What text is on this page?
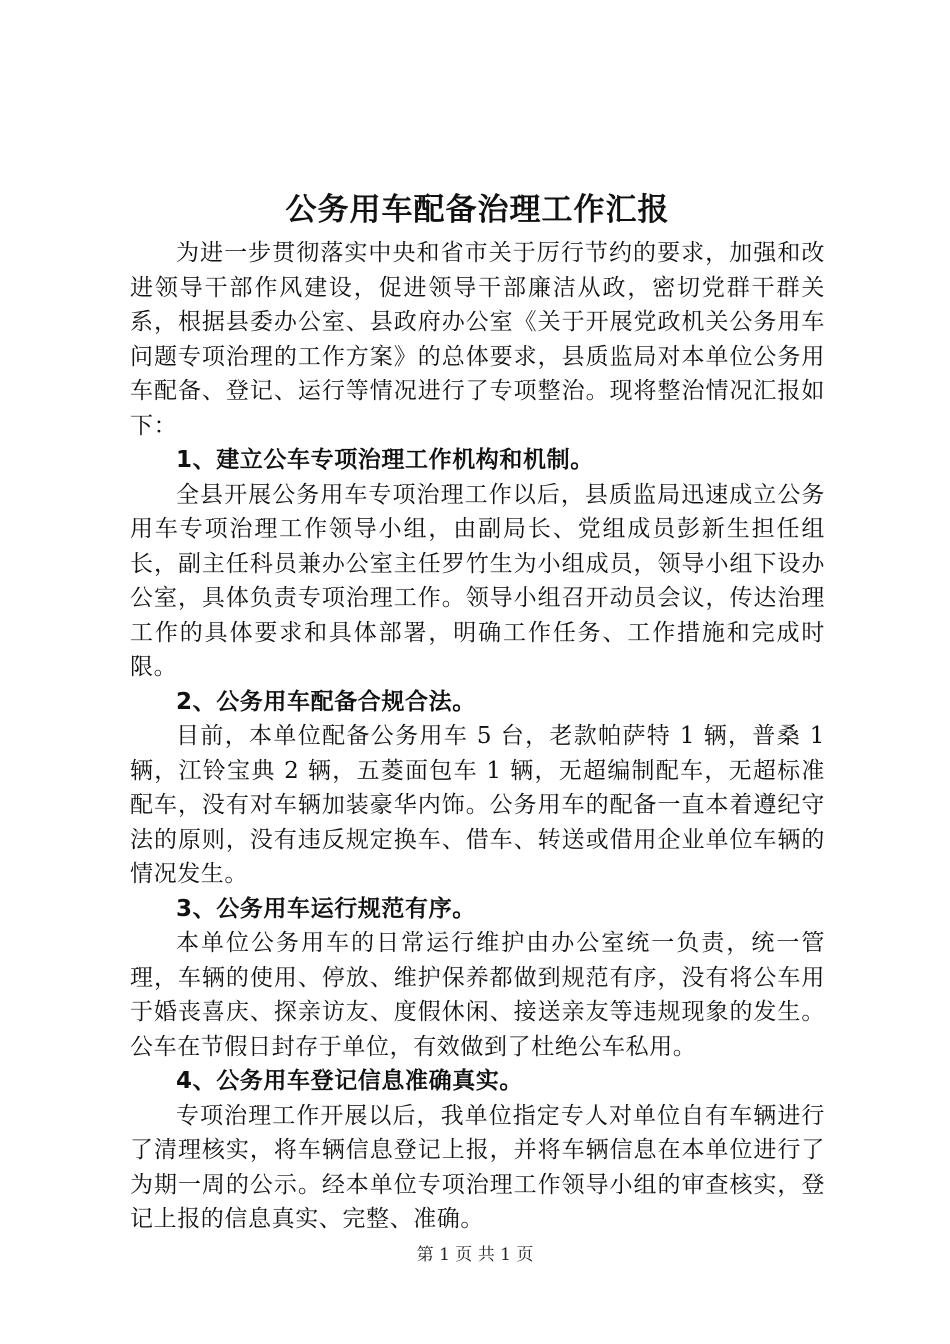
公务用车配备治理工作汇报

为进一步贯彻落实中央和省市关于厉行节约的要求，加强和改进领导干部作风建设，促进领导干部廉洁从政，密切党群干群关系，根据县委办公室、县政府办公室《关于开展党政机关公务用车问题专项治理的工作方案》的总体要求，县质监局对本单位公务用车配备、登记、运行等情况进行了专项整治。现将整治情况汇报如下：

1、建立公车专项治理工作机构和机制。

全县开展公务用车专项治理工作以后，县质监局迅速成立公务用车专项治理工作领导小组，由副局长、党组成员彭新生担任组长，副主任科员兼办公室主任罗竹生为小组成员，领导小组下设办公室，具体负责专项治理工作。领导小组召开动员会议，传达治理工作的具体要求和具体部署，明确工作任务、工作措施和完成时限。

2、公务用车配备合规合法。

目前，本单位配备公务用车 5 台，老款帕萨特 1 辆，普桑 1 辆，江铃宝典 2 辆，五菱面包车 1 辆，无超编制配车，无超标准配车，没有对车辆加装豪华内饰。公务用车的配备一直本着遵纪守法的原则，没有违反规定换车、借车、转送或借用企业单位车辆的情况发生。

3、公务用车运行规范有序。

本单位公务用车的日常运行维护由办公室统一负责，统一管理，车辆的使用、停放、维护保养都做到规范有序，没有将公车用于婚丧喜庆、探亲访友、度假休闲、接送亲友等违规现象的发生。公车在节假日封存于单位，有效做到了杜绝公车私用。

4、公务用车登记信息准确真实。

专项治理工作开展以后，我单位指定专人对单位自有车辆进行了清理核实，将车辆信息登记上报，并将车辆信息在本单位进行了为期一周的公示。经本单位专项治理工作领导小组的审查核实，登记上报的信息真实、完整、准确。

第 1 页 共 1 页
